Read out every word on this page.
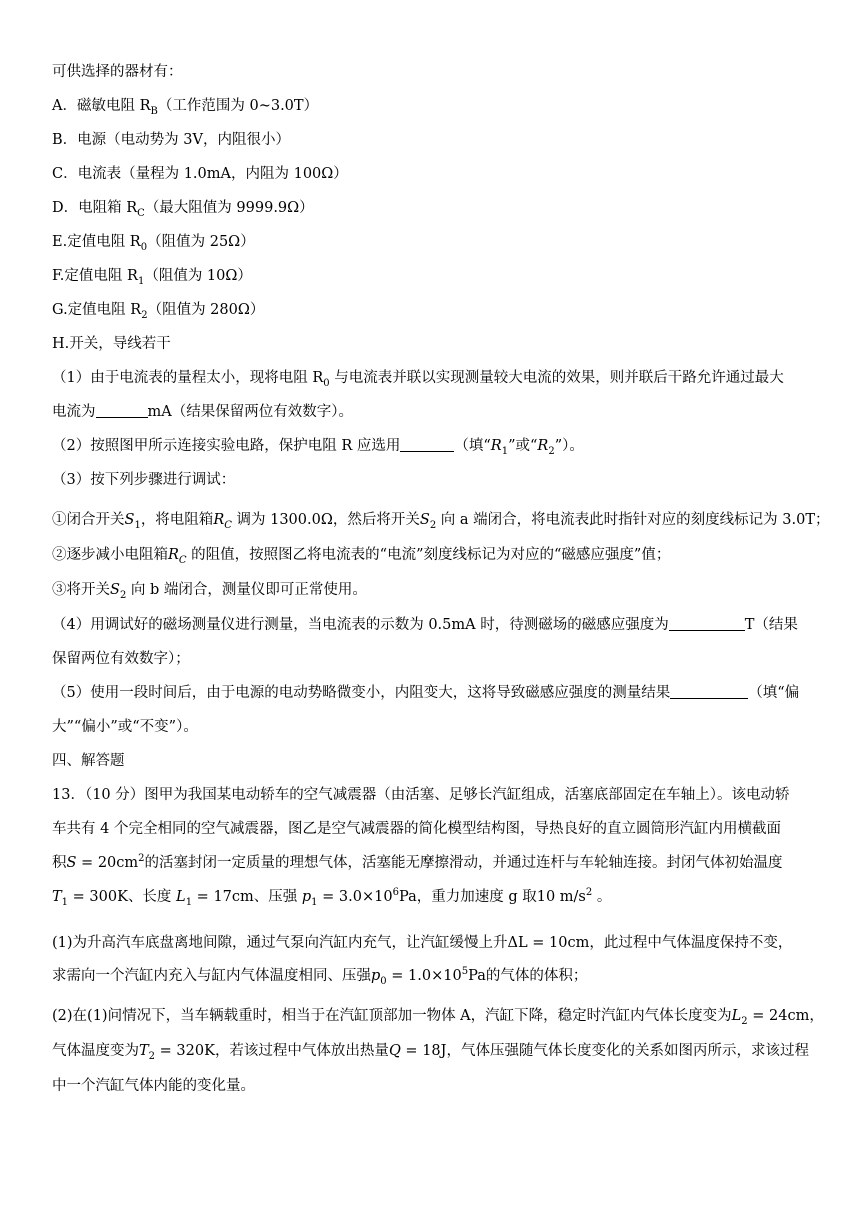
可供选择的器材有：

A．磁敏电阻 $R_B$（工作范围为 0~3.0T）

B．电源（电动势为 3V，内阻很小）

C．电流表（量程为 1.0mA，内阻为 100Ω）

D．电阻箱 $R_C$（最大阻值为 9999.9Ω）

E.定值电阻 $R_0$（阻值为 25Ω）

F.定值电阻 $R_1$（阻值为 10Ω）

G.定值电阻 $R_2$（阻值为 280Ω）

H.开关，导线若干

（1）由于电流表的量程太小，现将电阻 $R_0$ 与电流表并联以实现测量较大电流的效果，则并联后干路允许通过最大

电流为	mA（结果保留两位有效数字）。

（2）按照图甲所示连接实验电路，保护电阻 R 应选用	（填“$R_1$”或“$R_2$”）。

（3）按下列步骤进行调试：

①闭合开关$S_1$，将电阻箱$R_C$ 调为 1300.0Ω，然后将开关$S_2$ 向 a 端闭合，将电流表此时指针对应的刻度线标记为 3.0T；

②逐步减小电阻箱$R_C$ 的阻值，按照图乙将电流表的“电流”刻度线标记为对应的“磁感应强度”值；

③将开关$S_2$ 向 b 端闭合，测量仪即可正常使用。

（4）用调试好的磁场测量仪进行测量，当电流表的示数为 0.5mA 时，待测磁场的磁感应强度为	T（结果

保留两位有效数字）；

（5）使用一段时间后，由于电源的电动势略微变小，内阻变大，这将导致磁感应强度的测量结果	（填“偏

大”“偏小”或“不变”）。

四、解答题

13．（10 分）图甲为我国某电动轿车的空气减震器（由活塞、足够长汽缸组成，活塞底部固定在车轴上）。该电动轿

车共有 4 个完全相同的空气减震器，图乙是空气减震器的简化模型结构图，导热良好的直立圆筒形汽缸内用横截面

积$S = 20cm^2$的活塞封闭一定质量的理想气体，活塞能无摩擦滑动，并通过连杆与车轮轴连接。封闭气体初始温度

$T_1 = 300K$、长度 $L_1 = 17cm$、压强 $p_1 = 3.0\times 10^6Pa$，重力加速度 g 取10 $m/s^2$ 。

(1)为升高汽车底盘离地间隙，通过气泵向汽缸内充气，让汽缸缓慢上升ΔL = 10cm，此过程中气体温度保持不变，

求需向一个汽缸内充入与缸内气体温度相同、压强$p_0 = 1.0\times 10^5Pa$的气体的体积；

(2)在(1)问情况下，当车辆载重时，相当于在汽缸顶部加一物体 A，汽缸下降，稳定时汽缸内气体长度变为$L_2 = 24cm$，

气体温度变为$T_2 = 320K$，若该过程中气体放出热量Q = 18J，气体压强随气体长度变化的关系如图丙所示，求该过程

中一个汽缸气体内能的变化量。
